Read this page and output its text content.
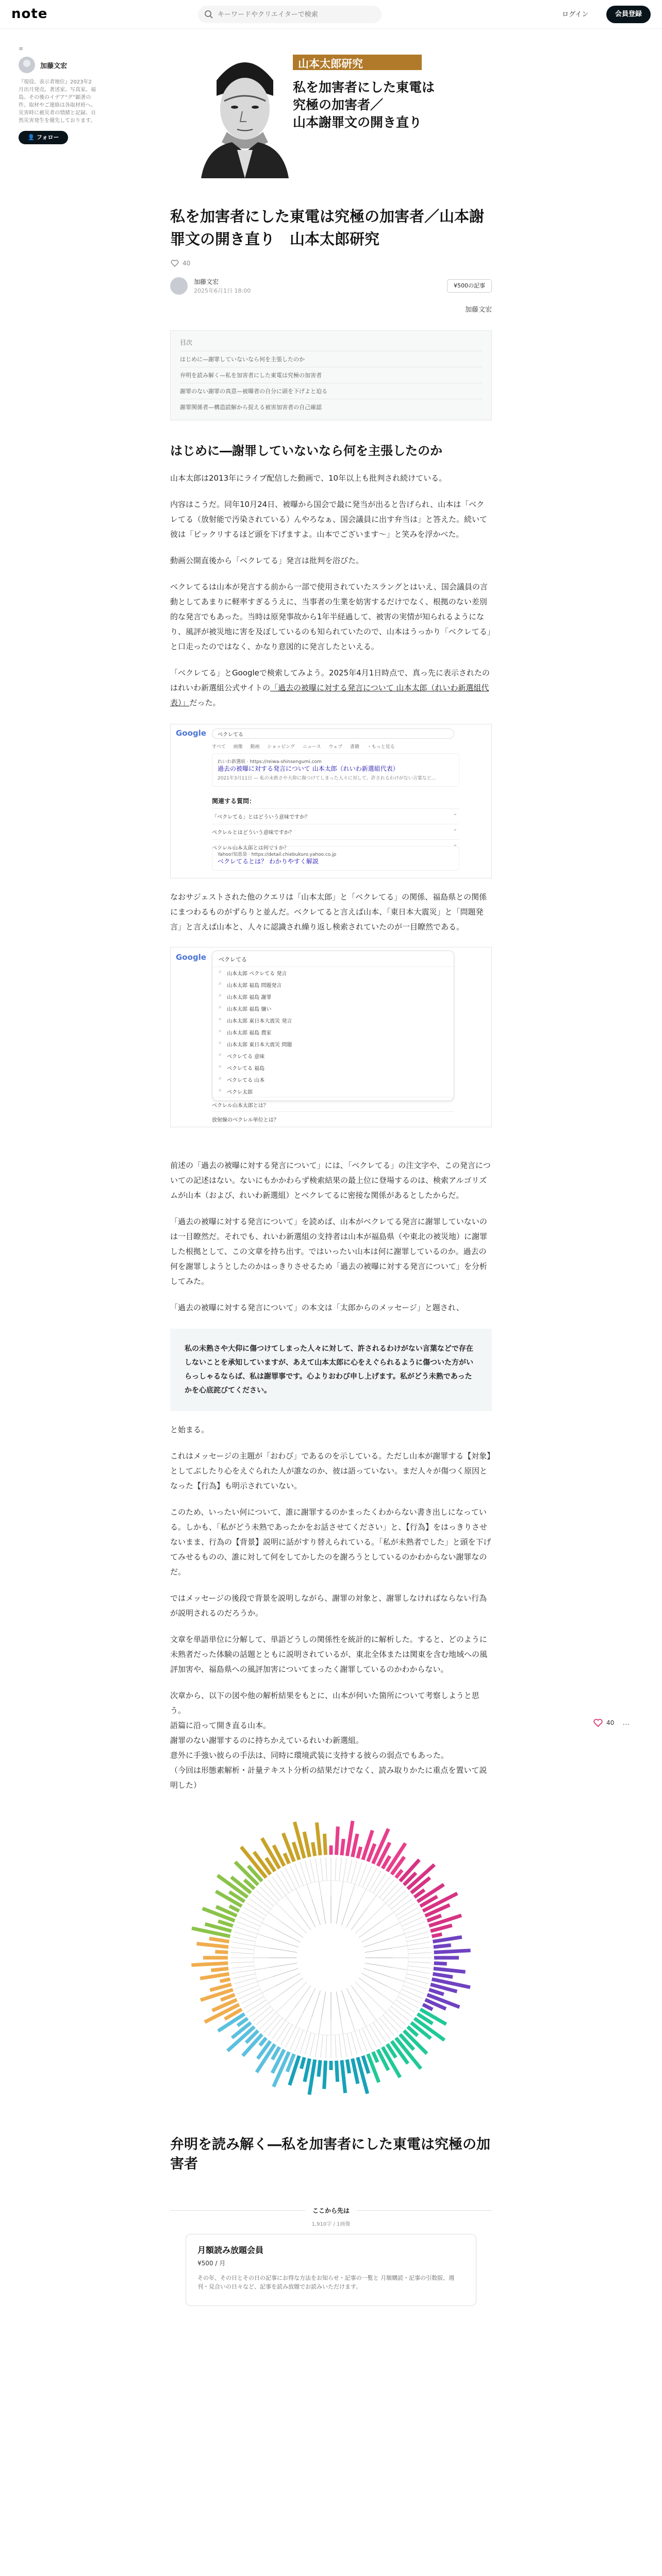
note
キーワードやクリエイターで検索	ログイン	会員登録
≡
加藤文宏
『現役、表示者地位』2023年2月出月発売。著述家。写真家。福島、その後のイデア“グ”顕著の件。取材やご連絡は各取材班へ。災害時に被災者の情緒と記録、自然災害発生を優先しております。
👤 フォロー
山本太郎研究
私を加害者にした東電は
究極の加害者／
山本謝罪文の開き直り
私を加害者にした東電は究極の加害者／山本謝罪文の開き直り　山本太郎研究
40
加藤文宏
2025年6月1日 18:00
¥500の記事
加藤文宏
目次
はじめに—謝罪していないなら何を主張したのか
弁明を読み解く—私を加害者にした東電は究極の加害者
謝罪のない謝罪の真意—被曝者の自分に頭を下げよと迫る
謝罪関係者—構造読解から捉える被害加害者の自己確認
はじめに―謝罪していないなら何を主張したのか

山本太郎は2013年にライブ配信した動画で、10年以上も批判され続けている。

内容はこうだ。同年10月24日、被曝から国会で最に発当が出ると告げられ、山本は「ベクレてる（放射能で汚染されている）んやろなぁ、国会議員に出す弁当は」と答えた。続いて彼は「ピックリするほど頭を下げますよ。山本でございます～」と笑みを浮かべた。

動画公開直後から「ベクレてる」発言は批判を浴びた。

ベクレてるは山本が発言する前から一部で使用されていたスラングとはいえ、国会議員の言動としてあまりに軽率すぎるうえに、当事者の生業を妨害するだけでなく、根拠のない差別的な発言でもあった。当時は原発事故から1年半経過して、被害の実情が知られるようになり、風評が被災地に害を及ぼしているのも知られていたので、山本はうっかり「ベクレてる」と口走ったのではなく、かなり意図的に発言したといえる。

「ベクレてる」とGoogleで検索してみよう。2025年4月1日時点で、真っ先に表示されたのはれいわ新選組公式サイトの「過去の被曝に対する発言について 山本太郎（れいわ新選組代表）」だった。

Google	ベクレてる
すべて 画像 動画 ショッピング ニュース ウェブ 書籍 ・もっと見る
れいわ新選組 · https://reiwa-shinsengumi.com
過去の被曝に対する発言について 山本太郎（れいわ新選組代表）
2021年3月11日 — 私の未熟さや大仰に傷つけてしまった人々に対して、許されるわけがない言葉など...
関連する質問：
「ベクレてる」とはどういう意味ですか？ ⌄
ベクレルとはどういう意味ですか？ ⌄
ベクレル山本太郎とは何ですか？ ⌄
Yahoo!知恵袋 · https://detail.chiebukuro.yahoo.co.jp
ベクレてるとは？ わかりやすく解説

なおサジェストされた他のクエリは「山本太郎」と「ベクレてる」の関係、福島県との関係にまつわるものがずらりと並んだ。ベクレてると言えば山本、「東日本大震災」と「問題発言」と言えば山本と、人々に認識され繰り返し検索されていたのが一目瞭然である。

Google	ベクレてる
⌕ 山本太郎 ベクレてる 発言
⌕ 山本太郎 福島 問題発言
⌕ 山本太郎 福島 謝罪
⌕ 山本太郎 福島 嫌い
⌕ 山本太郎 東日本大震災 発言
⌕ 山本太郎 福島 農家
⌕ 山本太郎 東日本大震災 問題
⌕ ベクレてる 意味
⌕ ベクレてる 福島
⌕ ベクレてる 山本
⌕ ベクレ太郎
ベクレル山本太郎とは？
放射線のベクレル単位とは？

前述の「過去の被曝に対する発言について」には、「ベクレてる」の注文字や、この発言についての記述はない。ないにもかかわらず検索結果の最上位に登場するのは、検索アルゴリズムが山本（および、れいわ新選組）とベクレてるに密接な関係があるとしたからだ。

「過去の被曝に対する発言について」を読めば、山本がベクレてる発言に謝罪していないのは一目瞭然だ。それでも、れいわ新選組の支持者は山本が福島県（や東北の被災地）に謝罪した根拠として、この文章を持ち出す。ではいったい山本は何に謝罪しているのか。過去の何を謝罪しようとしたのかはっきりさせるため「過去の被曝に対する発言について」を分析してみた。

「過去の被曝に対する発言について」の本文は「太郎からのメッセージ」と題され、

私の未熟さや大仰に傷つけてしまった人々に対して、許されるわけがない言葉などで存在しないことを承知していますが、あえて山本太郎に心をえぐられるように傷ついた方がいらっしゃるならば、私は謝罪事です。心よりおわび申し上げます。私がどう未熟であったかを心底詫びてください。

と始まる。

これはメッセージの主題が「おわび」であるのを示している。ただし山本が謝罪する【対象】としてぶしたり心をえぐられた人が誰なのか、彼は語っていない。まだ人々が傷つく原因となった【行為】も明示されていない。

このため、いったい何について、誰に謝罪するのかまったくわからない書き出しになっている。しかも、「私がどう未熟であったかをお話させてください」と、【行為】をはっきりさせないまま、行為の【背景】説明に話がすり替えられている。「私が未熟者でした」と頭を下げてみせるものの、誰に対して何をしてかしたのを謝ろうとしているのかわからない謝罪なのだ。

ではメッセージの後段で背景を説明しながら、謝罪の対象と、謝罪しなければならない行為が説明されるのだろうか。

文章を単語単位に分解して、単語どうしの関係性を統計的に解析した。すると、どのように未熟者だった体験の話題とともに説明されているが、東北全体または関東を含む地域への風評加害や、福島県への風評加害についてまったく謝罪しているのかわからない。

次章から、以下の図や他の解析結果をもとに、山本が何いた箇所について考察しようと思う。
語篇に沿って開き直る山本。
謝罪のない謝罪するのに持ちかえているれいわ新選組。
意外に手強い彼らの手法は、同時に環境武装に支持する彼らの弱点でもあった。
（今回は形態素解析・計量テキスト分析の結果だけでなく、読み取りかたに重点を置いて説明した）

弁明を読み解く―私を加害者にした東電は究極の加害者
ここから先は
1,910字 / 1画像
月額読み放題会員
¥500 / 月
その年、その日とその日の記事にお得な方法をお知らせ・記事の一覧と 月額購読・記事の引数版、週刊・見合いの日々など、記事を読み放題でお読みいただけます。
40 …
